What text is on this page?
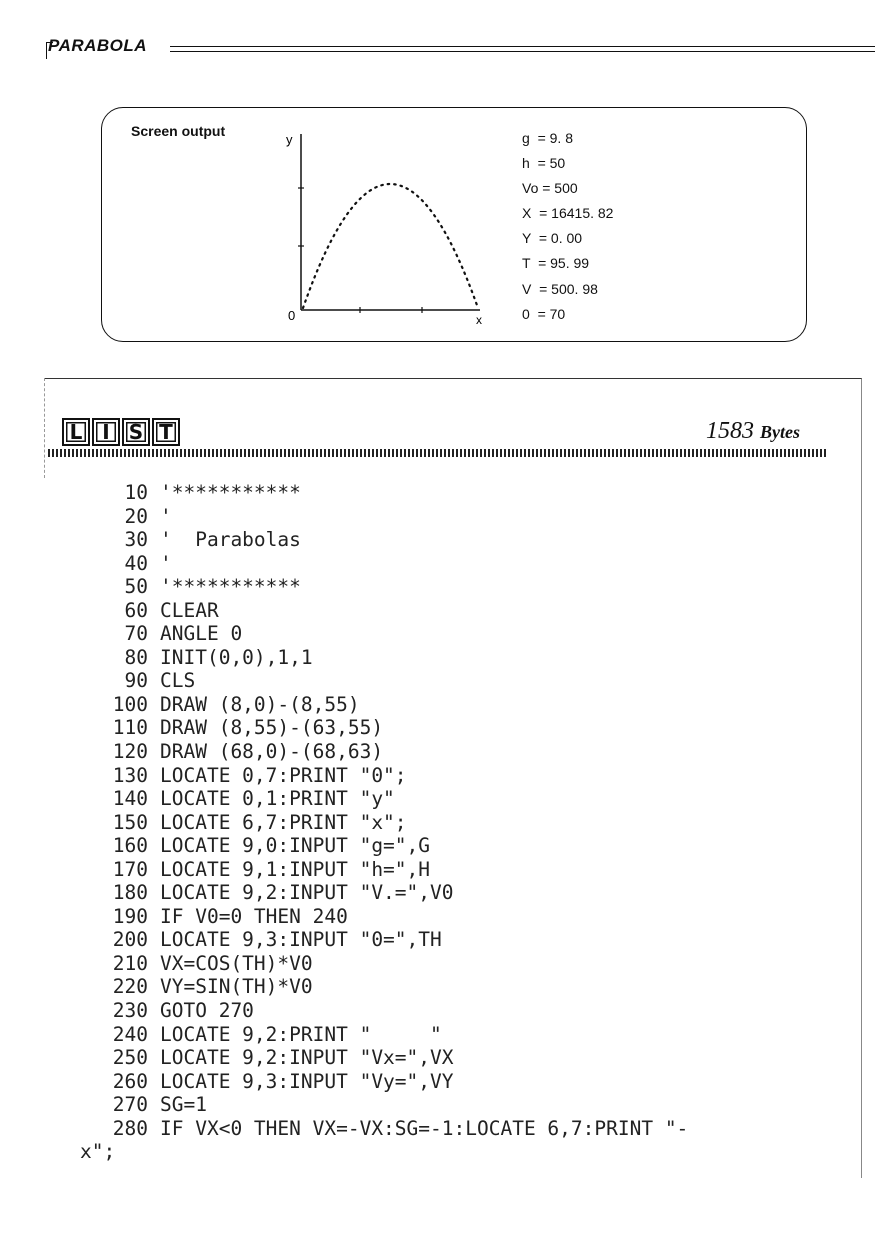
PARABOLA
Screen output
y
0	x
g  = 9. 8
h  = 50
Vo = 500
X  = 16415. 82
Y  = 0. 00
T  = 95. 99
V  = 500. 98
0  = 70
L I S T	1583 Bytes
10 '***********
20 '
30 '  Parabolas
40 '
50 '***********
60 CLEAR
70 ANGLE 0
80 INIT(0,0),1,1
90 CLS
100 DRAW (8,0)-(8,55)
110 DRAW (8,55)-(63,55)
120 DRAW (68,0)-(68,63)
130 LOCATE 0,7:PRINT "0";
140 LOCATE 0,1:PRINT "y"
150 LOCATE 6,7:PRINT "x";
160 LOCATE 9,0:INPUT "g=",G
170 LOCATE 9,1:INPUT "h=",H
180 LOCATE 9,2:INPUT "V.=",V0
190 IF V0=0 THEN 240
200 LOCATE 9,3:INPUT "0=",TH
210 VX=COS(TH)*V0
220 VY=SIN(TH)*V0
230 GOTO 270
240 LOCATE 9,2:PRINT "     "
250 LOCATE 9,2:INPUT "Vx=",VX
260 LOCATE 9,3:INPUT "Vy=",VY
270 SG=1
280 IF VX<0 THEN VX=-VX:SG=-1:LOCATE 6,7:PRINT "-
x";
